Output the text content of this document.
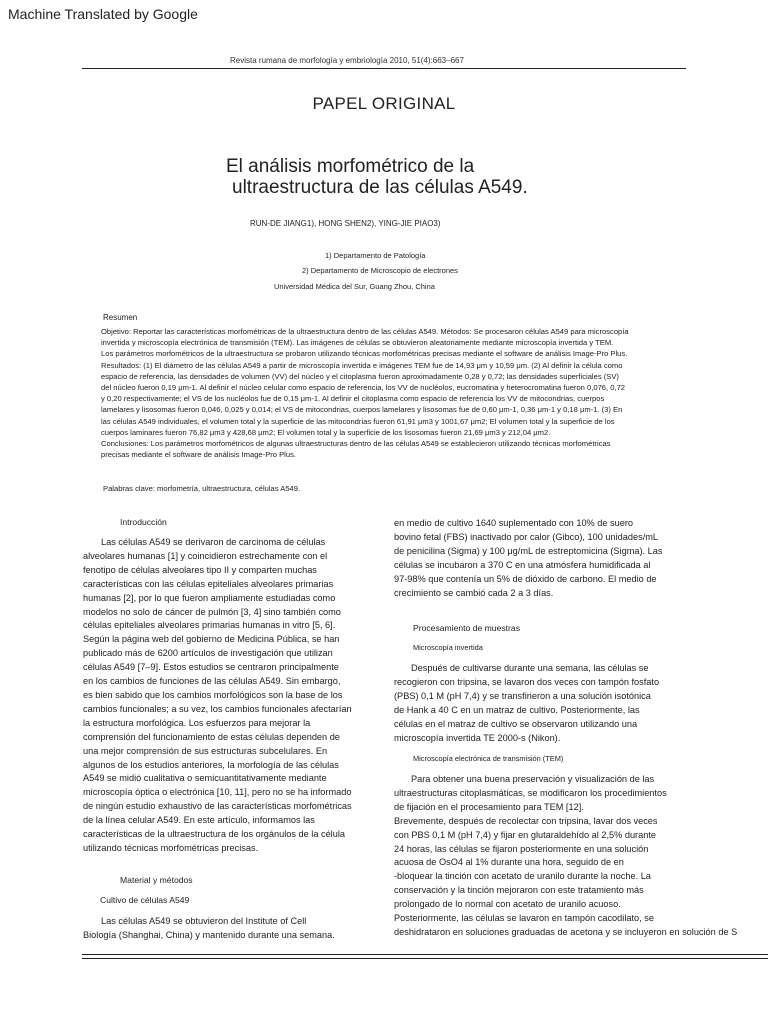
Machine Translated by Google
Revista rumana de morfología y embriología 2010, 51(4):663–667
PAPEL ORIGINAL
El análisis morfométrico de la
ultraestructura de las células A549.
RUN-DE JIANG1), HONG SHEN2), YING-JIE PIAO3)
1) Departamento de Patología
2) Departamento de Microscopio de electrones
Universidad Médica del Sur, Guang Zhou, China
Resumen

Objetivo: Reportar las características morfométricas de la ultraestructura dentro de las células A549. Métodos: Se procesaron células A549 para microscopía

invertida y microscopía electrónica de transmisión (TEM). Las imágenes de células se obtuvieron aleatoriamente mediante microscopía invertida y TEM.

Los parámetros morfométricos de la ultraestructura se probaron utilizando técnicas morfométricas precisas mediante el software de análisis Image-Pro Plus.

Resultados: (1) El diámetro de las células A549 a partir de microscopía invertida e imágenes TEM fue de 14,93 μm y 10,59 μm. (2) Al definir la célula como

espacio de referencia, las densidades de volumen (VV) del núcleo y el citoplasma fueron aproximadamente 0,28 y 0,72; las densidades superficiales (SV)

del núcleo fueron 0,19 μm-1. Al definir el núcleo celular como espacio de referencia, los VV de nucléolos, eucromatina y heterocromatina fueron 0,076, 0,72

y 0,20 respectivamente; el VS de los nucléolos fue de 0,15 μm-1. Al definir el citoplasma como espacio de referencia los VV de mitocondrias, cuerpos

lamelares y lisosomas fueron 0,046, 0,025 y 0,014; el VS de mitocondrias, cuerpos lamelares y lisosomas fue de 0,60 μm-1, 0,36 μm-1 y 0,18 μm-1. (3) En

las células A549 individuales, el volumen total y la superficie de las mitocondrias fueron 61,91 μm3 y 1001,67 μm2; El volumen total y la superficie de los

cuerpos laminares fueron 76,82 μm3 y 428,68 μm2; El volumen total y la superficie de los lisosomas fueron 21,69 μm3 y 212,04 μm2.

Conclusiones: Los parámetros morfométricos de algunas ultraestructuras dentro de las células A549 se establecieron utilizando técnicas morfométricas

precisas mediante el software de análisis Image-Pro Plus.

Palabras clave: morfometría, ultraestructura, células A549.
Introducción
Las células A549 se derivaron de carcinoma de células
alveolares humanas [1] y coincidieron estrechamente con el
fenotipo de células alveolares tipo II y comparten muchas
características con las células epiteliales alveolares primarias
humanas [2], por lo que fueron ampliamente estudiadas como
modelos no solo de cáncer de pulmón [3, 4] sino también como
células epiteliales alveolares primarias humanas in vitro [5, 6].
Según la página web del gobierno de Medicina Pública, se han
publicado más de 6200 artículos de investigación que utilizan
células A549 [7–9]. Estos estudios se centraron principalmente
en los cambios de funciones de las células A549. Sin embargo,
es bien sabido que los cambios morfológicos son la base de los
cambios funcionales; a su vez, los cambios funcionales afectarían
la estructura morfológica. Los esfuerzos para mejorar la
comprensión del funcionamiento de estas células dependen de
una mejor comprensión de sus estructuras subcelulares. En
algunos de los estudios anteriores, la morfología de las células
A549 se midió cualitativa o semicuantitativamente mediante
microscopía óptica o electrónica [10, 11], pero no se ha informado
de ningún estudio exhaustivo de las características morfométricas
de la línea celular A549. En este artículo, informamos las
características de la ultraestructura de los orgánulos de la célula
utilizando técnicas morfométricas precisas.
Material y métodos
Cultivo de células A549
Las células A549 se obtuvieron del Institute of Cell
Biología (Shanghai, China) y mantenido durante una semana.
en medio de cultivo 1640 suplementado con 10% de suero
bovino fetal (FBS) inactivado por calor (Gibco), 100 unidades/mL
de penicilina (Sigma) y 100 μg/mL de estreptomicina (Sigma). Las
células se incubaron a 370 C en una atmósfera humidificada al
97-98% que contenía un 5% de dióxido de carbono. El medio de
crecimiento se cambió cada 2 a 3 días.
Procesamiento de muestras
Microscopía invertida
Después de cultivarse durante una semana, las células se
recogieron con tripsina, se lavaron dos veces con tampón fosfato
(PBS) 0,1 M (pH 7,4) y se transfirieron a una solución isotónica
de Hank a 40 C en un matraz de cultivo. Posteriormente, las
células en el matraz de cultivo se observaron utilizando una
microscopía invertida TE 2000-s (Nikon).
Microscopía electrónica de transmisión (TEM)
Para obtener una buena preservación y visualización de las
ultraestructuras citoplasmáticas, se modificaron los procedimientos
de fijación en el procesamiento para TEM [12].
Brevemente, después de recolectar con tripsina, lavar dos veces
con PBS 0,1 M (pH 7,4) y fijar en glutaraldehído al 2,5% durante
24 horas, las células se fijaron posteriormente en una solución
acuosa de OsO4 al 1% durante una hora, seguido de en
-bloquear la tinción con acetato de uranilo durante la noche. La
conservación y la tinción mejoraron con este tratamiento más
prolongado de lo normal con acetato de uranilo acuoso.
Posteriormente, las células se lavaron en tampón cacodilato, se
deshidrataron en soluciones graduadas de acetona y se incluyeron en solución de S
